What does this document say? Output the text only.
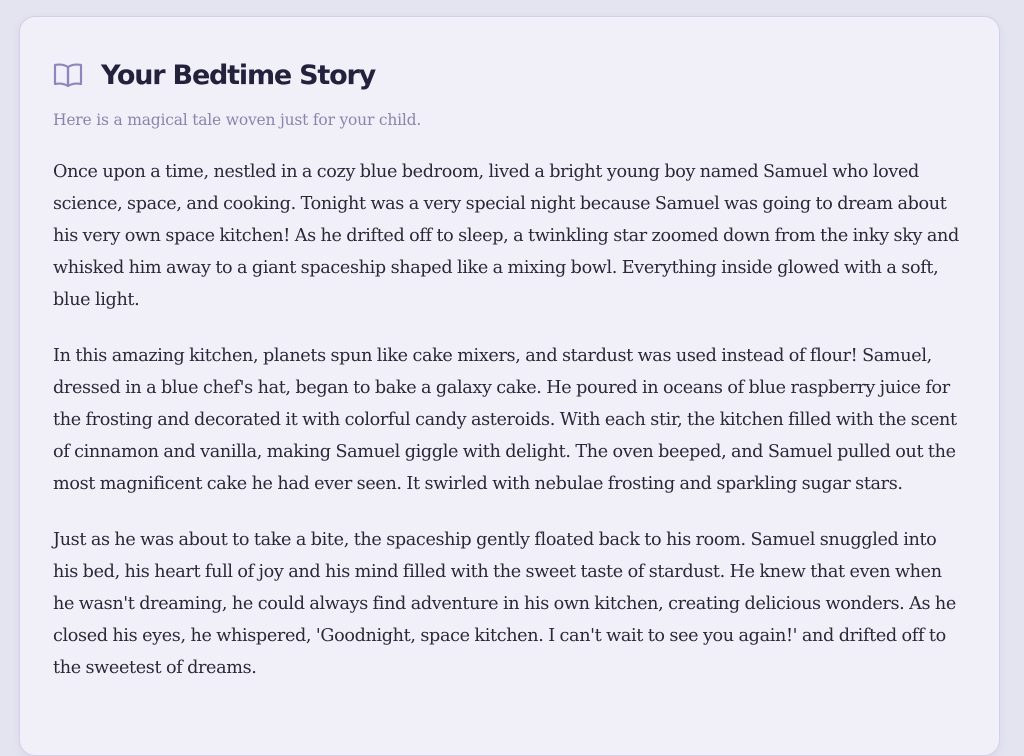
Your Bedtime Story

Here is a magical tale woven just for your child.

Once upon a time, nestled in a cozy blue bedroom, lived a bright young boy named Samuel who loved science, space, and cooking. Tonight was a very special night because Samuel was going to dream about his very own space kitchen! As he drifted off to sleep, a twinkling star zoomed down from the inky sky and whisked him away to a giant spaceship shaped like a mixing bowl. Everything inside glowed with a soft, blue light.

In this amazing kitchen, planets spun like cake mixers, and stardust was used instead of flour! Samuel, dressed in a blue chef's hat, began to bake a galaxy cake. He poured in oceans of blue raspberry juice for the frosting and decorated it with colorful candy asteroids. With each stir, the kitchen filled with the scent of cinnamon and vanilla, making Samuel giggle with delight. The oven beeped, and Samuel pulled out the most magnificent cake he had ever seen. It swirled with nebulae frosting and sparkling sugar stars.

Just as he was about to take a bite, the spaceship gently floated back to his room. Samuel snuggled into his bed, his heart full of joy and his mind filled with the sweet taste of stardust. He knew that even when he wasn't dreaming, he could always find adventure in his own kitchen, creating delicious wonders. As he closed his eyes, he whispered, 'Goodnight, space kitchen. I can't wait to see you again!' and drifted off to the sweetest of dreams.
